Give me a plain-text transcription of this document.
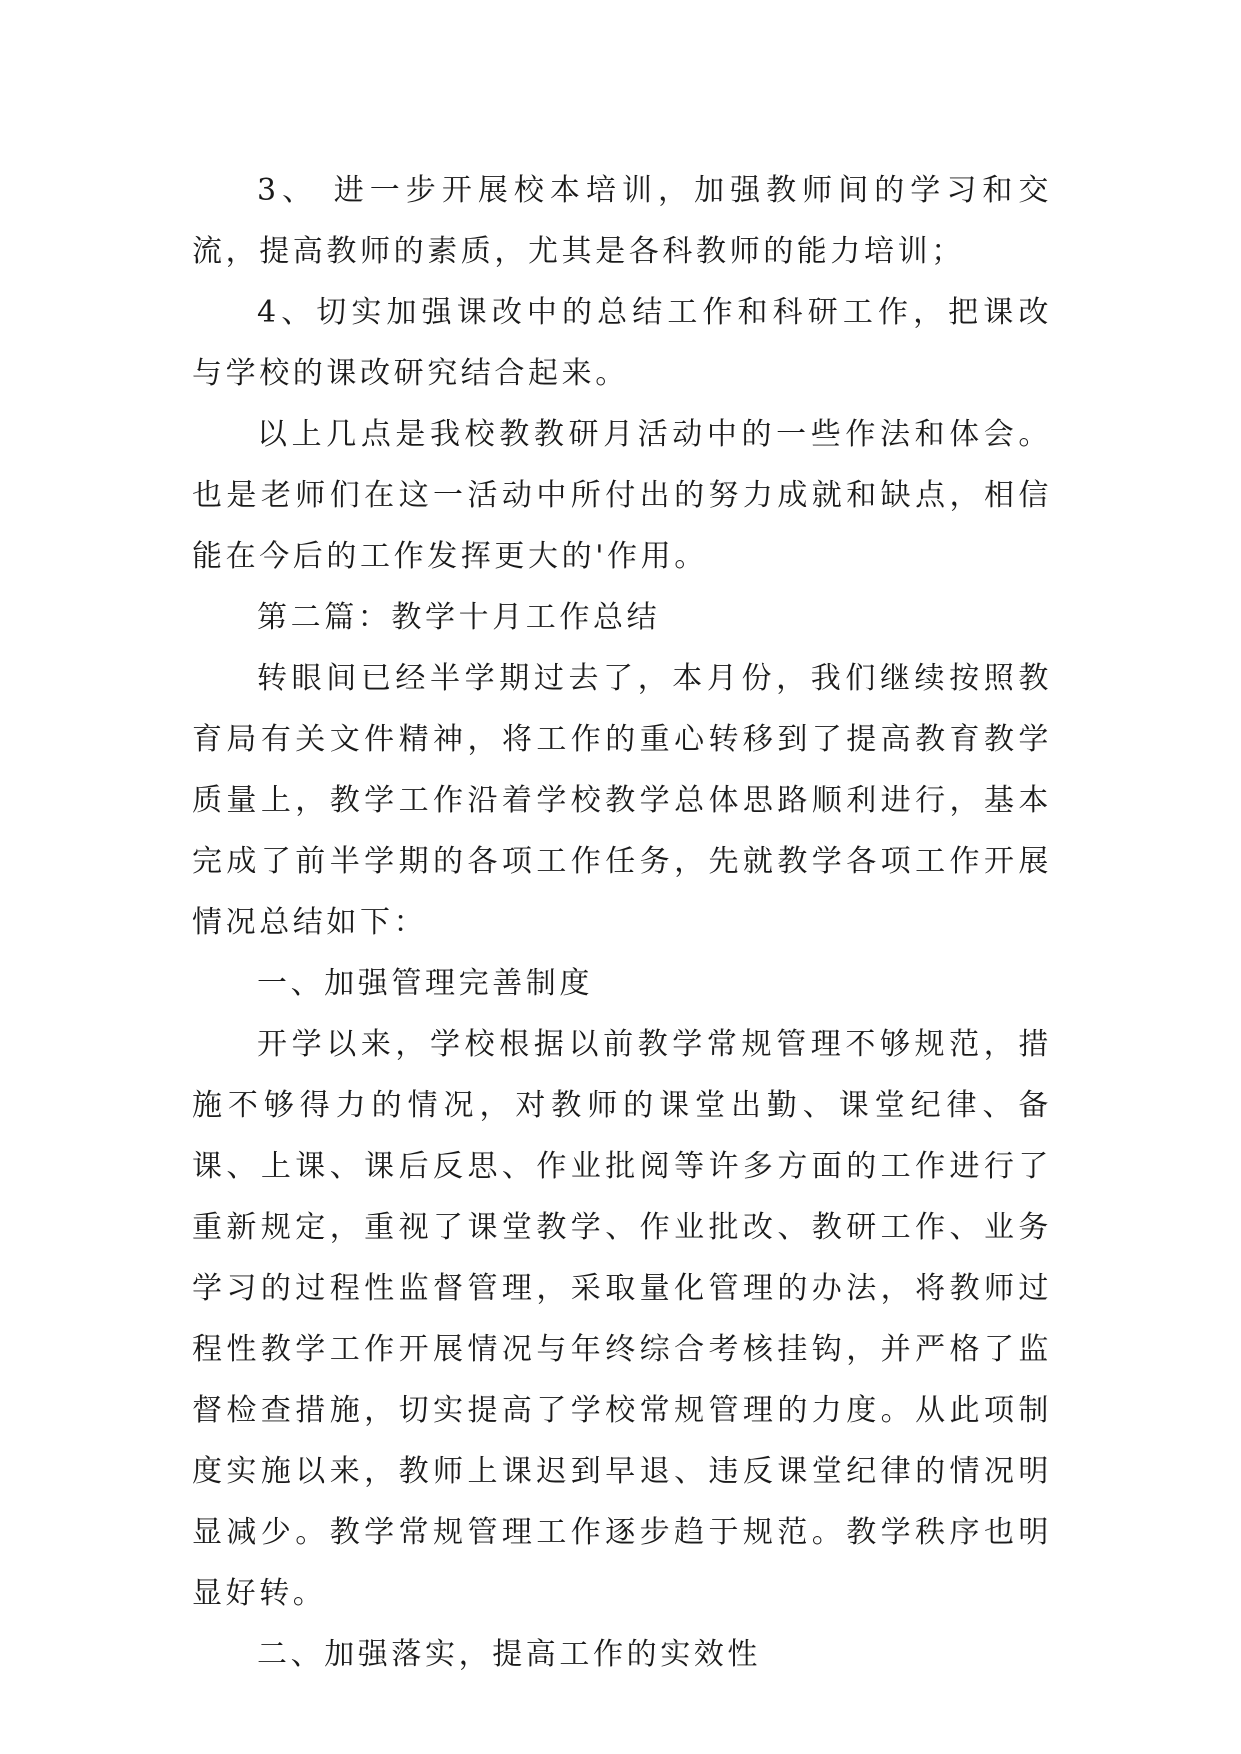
3、 进一步开展校本培训，加强教师间的学习和交流，提高教师的素质，尤其是各科教师的能力培训；

4、切实加强课改中的总结工作和科研工作，把课改与学校的课改研究结合起来。

以上几点是我校教教研月活动中的一些作法和体会。也是老师们在这一活动中所付出的努力成就和缺点，相信能在今后的工作发挥更大的'作用。

第二篇：教学十月工作总结

转眼间已经半学期过去了，本月份，我们继续按照教育局有关文件精神，将工作的重心转移到了提高教育教学质量上，教学工作沿着学校教学总体思路顺利进行，基本完成了前半学期的各项工作任务，先就教学各项工作开展情况总结如下：

一、加强管理完善制度

开学以来，学校根据以前教学常规管理不够规范，措施不够得力的情况，对教师的课堂出勤、课堂纪律、备课、上课、课后反思、作业批阅等许多方面的工作进行了重新规定，重视了课堂教学、作业批改、教研工作、业务学习的过程性监督管理，采取量化管理的办法，将教师过程性教学工作开展情况与年终综合考核挂钩，并严格了监督检查措施，切实提高了学校常规管理的力度。从此项制度实施以来，教师上课迟到早退、违反课堂纪律的情况明显减少。教学常规管理工作逐步趋于规范。教学秩序也明显好转。

二、加强落实，提高工作的实效性
